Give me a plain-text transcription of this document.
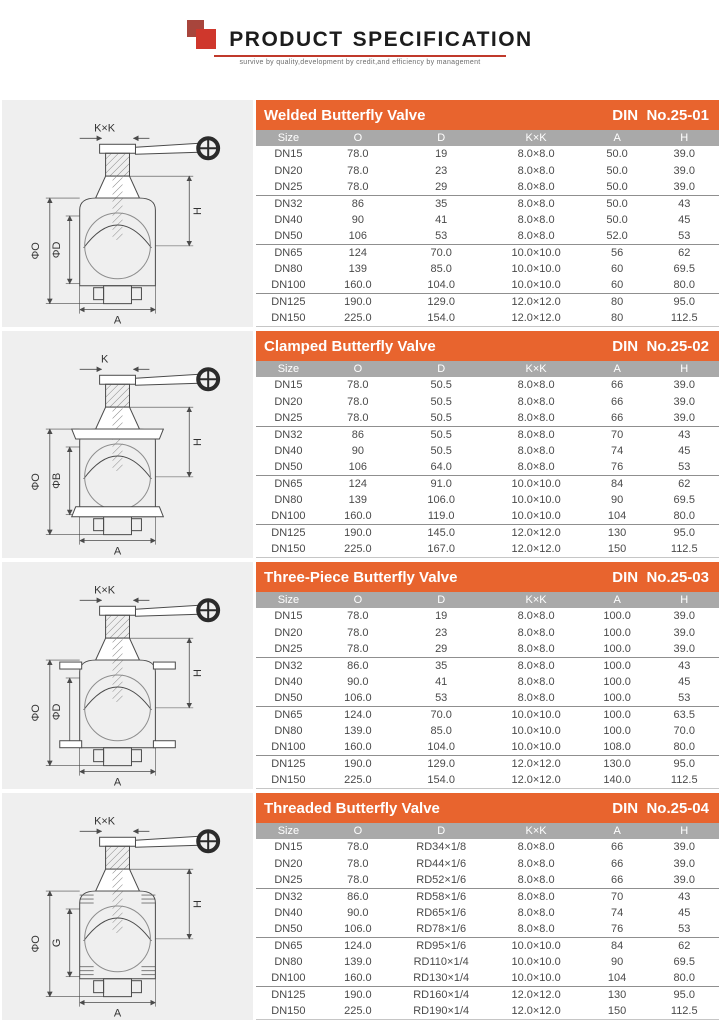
PRODUCT SPECIFICATION
survive by quality,development by credit,and efficiency by management
K×K
ΦO ΦD
H
A
Welded Butterfly Valve	DIN  No.25-01
Size	O	D	K×K	A	H
DN15	78.0	19	8.0×8.0	50.0	39.0
DN20	78.0	23	8.0×8.0	50.0	39.0
DN25	78.0	29	8.0×8.0	50.0	39.0
DN32	86	35	8.0×8.0	50.0	43
DN40	90	41	8.0×8.0	50.0	45
DN50	106	53	8.0×8.0	52.0	53
DN65	124	70.0	10.0×10.0	56	62
DN80	139	85.0	10.0×10.0	60	69.5
DN100	160.0	104.0	10.0×10.0	60	80.0
DN125	190.0	129.0	12.0×12.0	80	95.0
DN150	225.0	154.0	12.0×12.0	80	112.5
K
ΦO ΦB
H
A
Clamped Butterfly Valve	DIN  No.25-02
Size	O	D	K×K	A	H
DN15	78.0	50.5	8.0×8.0	66	39.0
DN20	78.0	50.5	8.0×8.0	66	39.0
DN25	78.0	50.5	8.0×8.0	66	39.0
DN32	86	50.5	8.0×8.0	70	43
DN40	90	50.5	8.0×8.0	74	45
DN50	106	64.0	8.0×8.0	76	53
DN65	124	91.0	10.0×10.0	84	62
DN80	139	106.0	10.0×10.0	90	69.5
DN100	160.0	119.0	10.0×10.0	104	80.0
DN125	190.0	145.0	12.0×12.0	130	95.0
DN150	225.0	167.0	12.0×12.0	150	112.5
K×K
ΦO ΦD
H
A
Three-Piece Butterfly Valve	DIN  No.25-03
Size	O	D	K×K	A	H
DN15	78.0	19	8.0×8.0	100.0	39.0
DN20	78.0	23	8.0×8.0	100.0	39.0
DN25	78.0	29	8.0×8.0	100.0	39.0
DN32	86.0	35	8.0×8.0	100.0	43
DN40	90.0	41	8.0×8.0	100.0	45
DN50	106.0	53	8.0×8.0	100.0	53
DN65	124.0	70.0	10.0×10.0	100.0	63.5
DN80	139.0	85.0	10.0×10.0	100.0	70.0
DN100	160.0	104.0	10.0×10.0	108.0	80.0
DN125	190.0	129.0	12.0×12.0	130.0	95.0
DN150	225.0	154.0	12.0×12.0	140.0	112.5
K×K
ΦO G
H
A
Threaded Butterfly Valve	DIN  No.25-04
Size	O	D	K×K	A	H
DN15	78.0	RD34×1/8	8.0×8.0	66	39.0
DN20	78.0	RD44×1/6	8.0×8.0	66	39.0
DN25	78.0	RD52×1/6	8.0×8.0	66	39.0
DN32	86.0	RD58×1/6	8.0×8.0	70	43
DN40	90.0	RD65×1/6	8.0×8.0	74	45
DN50	106.0	RD78×1/6	8.0×8.0	76	53
DN65	124.0	RD95×1/6	10.0×10.0	84	62
DN80	139.0	RD110×1/4	10.0×10.0	90	69.5
DN100	160.0	RD130×1/4	10.0×10.0	104	80.0
DN125	190.0	RD160×1/4	12.0×12.0	130	95.0
DN150	225.0	RD190×1/4	12.0×12.0	150	112.5
